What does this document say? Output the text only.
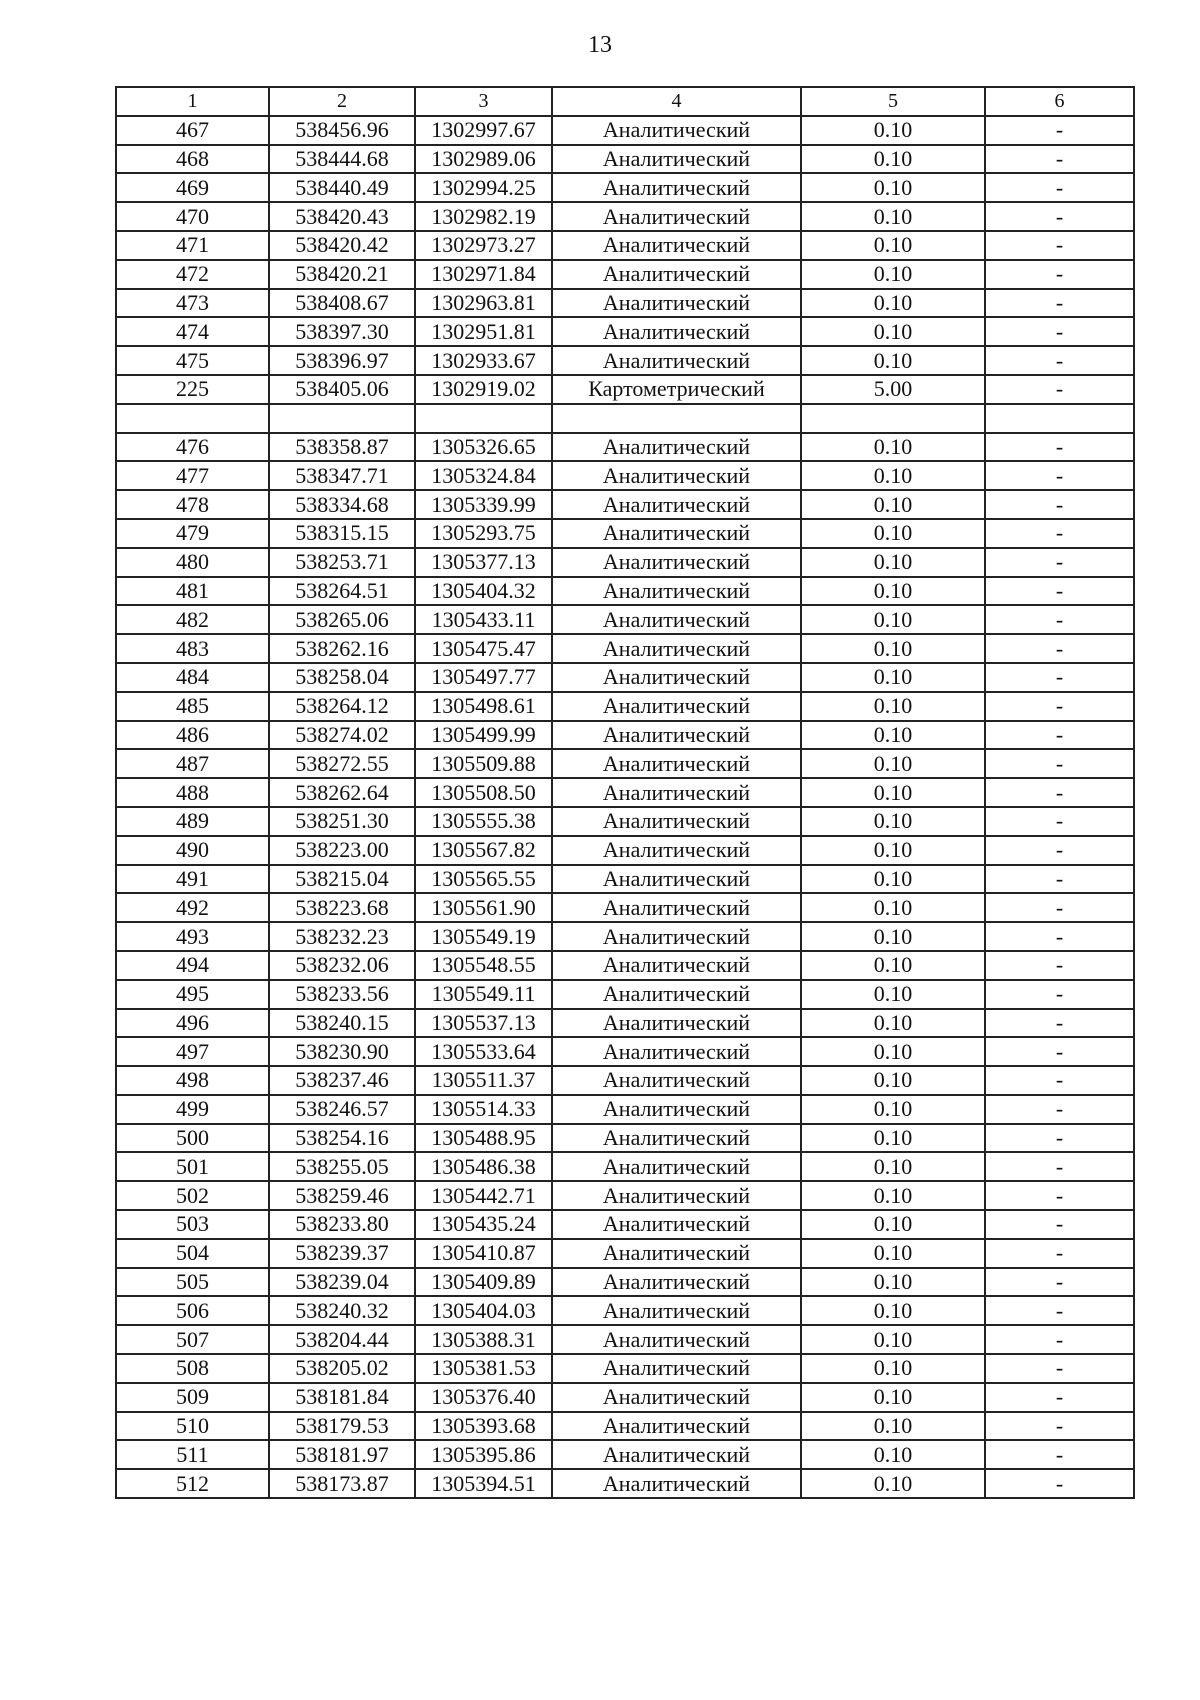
13
1	2	3	4	5	6
467	538456.96	1302997.67	Аналитический	0.10	-
468	538444.68	1302989.06	Аналитический	0.10	-
469	538440.49	1302994.25	Аналитический	0.10	-
470	538420.43	1302982.19	Аналитический	0.10	-
471	538420.42	1302973.27	Аналитический	0.10	-
472	538420.21	1302971.84	Аналитический	0.10	-
473	538408.67	1302963.81	Аналитический	0.10	-
474	538397.30	1302951.81	Аналитический	0.10	-
475	538396.97	1302933.67	Аналитический	0.10	-
225	538405.06	1302919.02	Картометрический	5.00	-

476	538358.87	1305326.65	Аналитический	0.10	-
477	538347.71	1305324.84	Аналитический	0.10	-
478	538334.68	1305339.99	Аналитический	0.10	-
479	538315.15	1305293.75	Аналитический	0.10	-
480	538253.71	1305377.13	Аналитический	0.10	-
481	538264.51	1305404.32	Аналитический	0.10	-
482	538265.06	1305433.11	Аналитический	0.10	-
483	538262.16	1305475.47	Аналитический	0.10	-
484	538258.04	1305497.77	Аналитический	0.10	-
485	538264.12	1305498.61	Аналитический	0.10	-
486	538274.02	1305499.99	Аналитический	0.10	-
487	538272.55	1305509.88	Аналитический	0.10	-
488	538262.64	1305508.50	Аналитический	0.10	-
489	538251.30	1305555.38	Аналитический	0.10	-
490	538223.00	1305567.82	Аналитический	0.10	-
491	538215.04	1305565.55	Аналитический	0.10	-
492	538223.68	1305561.90	Аналитический	0.10	-
493	538232.23	1305549.19	Аналитический	0.10	-
494	538232.06	1305548.55	Аналитический	0.10	-
495	538233.56	1305549.11	Аналитический	0.10	-
496	538240.15	1305537.13	Аналитический	0.10	-
497	538230.90	1305533.64	Аналитический	0.10	-
498	538237.46	1305511.37	Аналитический	0.10	-
499	538246.57	1305514.33	Аналитический	0.10	-
500	538254.16	1305488.95	Аналитический	0.10	-
501	538255.05	1305486.38	Аналитический	0.10	-
502	538259.46	1305442.71	Аналитический	0.10	-
503	538233.80	1305435.24	Аналитический	0.10	-
504	538239.37	1305410.87	Аналитический	0.10	-
505	538239.04	1305409.89	Аналитический	0.10	-
506	538240.32	1305404.03	Аналитический	0.10	-
507	538204.44	1305388.31	Аналитический	0.10	-
508	538205.02	1305381.53	Аналитический	0.10	-
509	538181.84	1305376.40	Аналитический	0.10	-
510	538179.53	1305393.68	Аналитический	0.10	-
511	538181.97	1305395.86	Аналитический	0.10	-
512	538173.87	1305394.51	Аналитический	0.10	-
